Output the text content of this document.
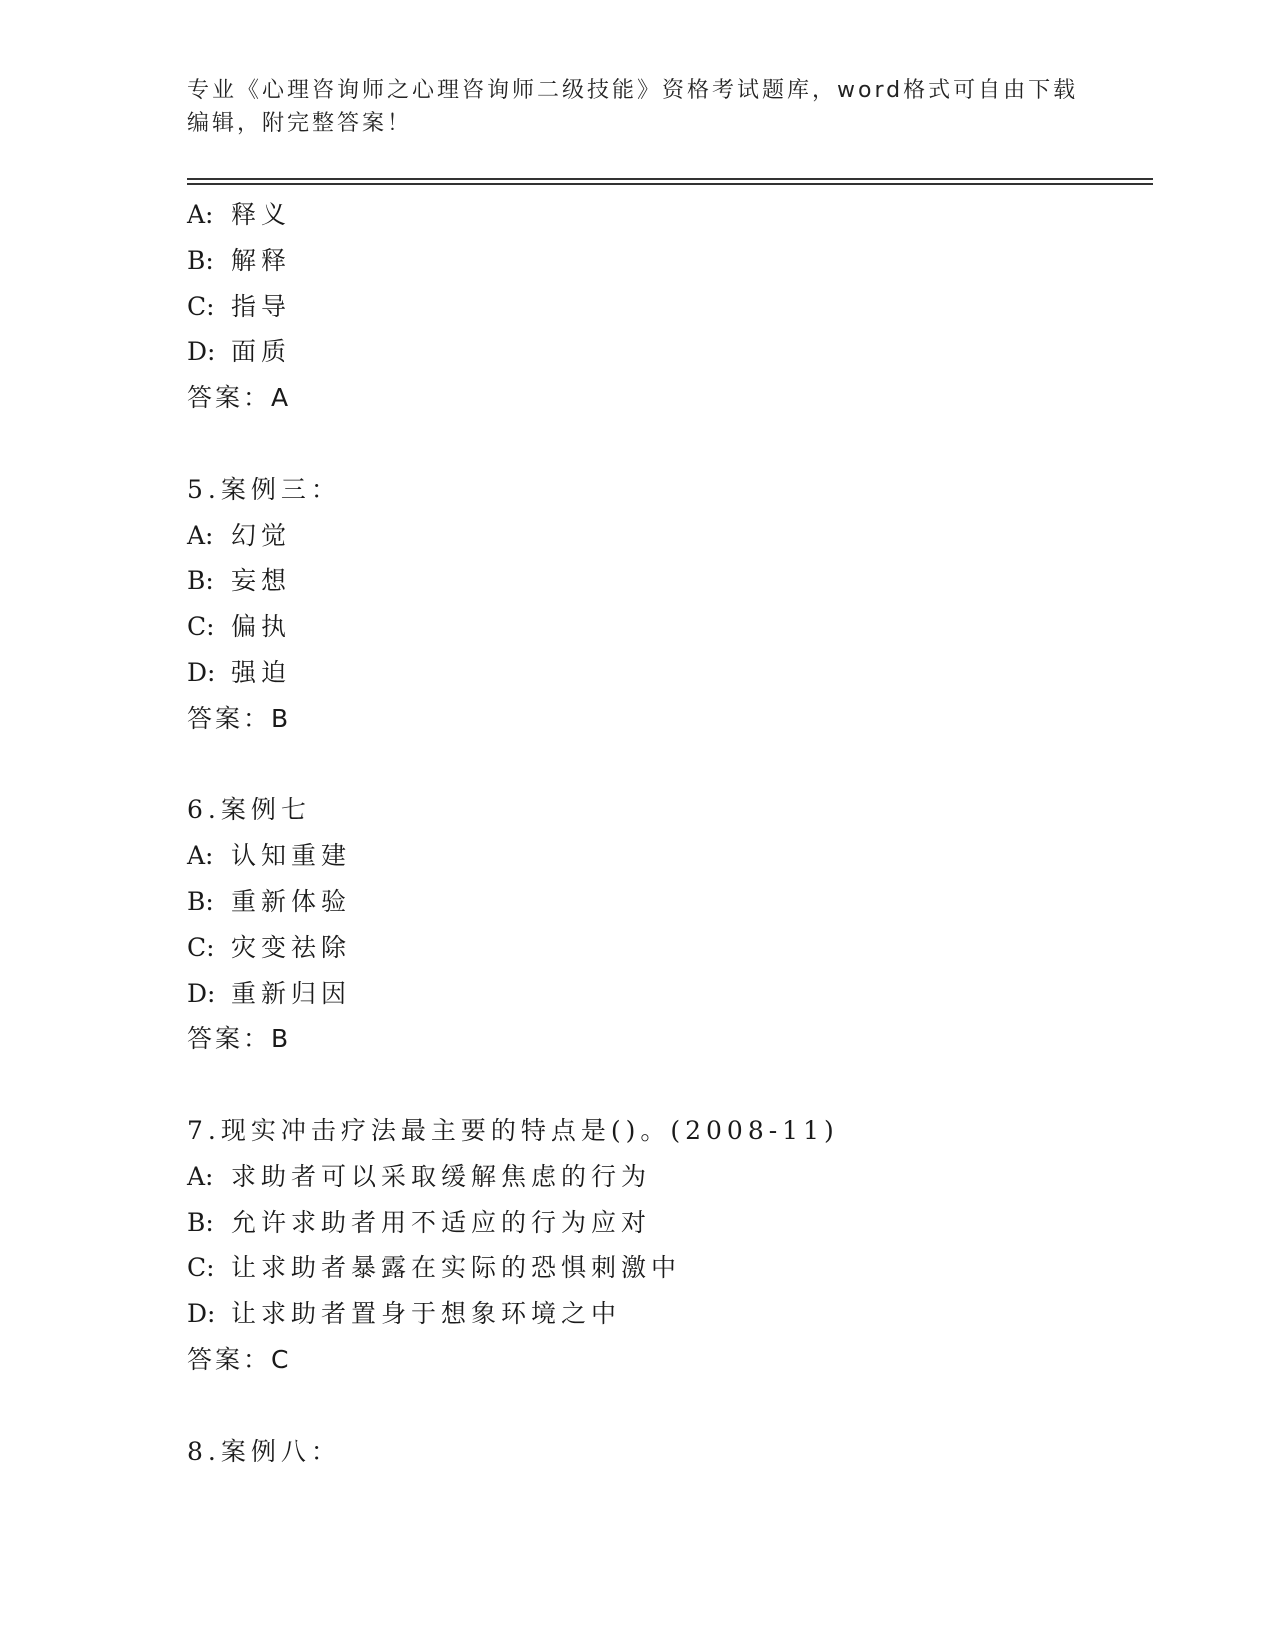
专业《心理咨询师之心理咨询师二级技能》资格考试题库，word格式可自由下载
编辑，附完整答案！
A: 释义
B: 解释
C: 指导
D: 面质
答案：A
5.案例三：
A: 幻觉
B: 妄想
C: 偏执
D: 强迫
答案：B
6.案例七
A: 认知重建
B: 重新体验
C: 灾变祛除
D: 重新归因
答案：B
7.现实冲击疗法最主要的特点是()。(2008-11)
A: 求助者可以采取缓解焦虑的行为
B: 允许求助者用不适应的行为应对
C: 让求助者暴露在实际的恐惧刺激中
D: 让求助者置身于想象环境之中
答案：C
8.案例八：
